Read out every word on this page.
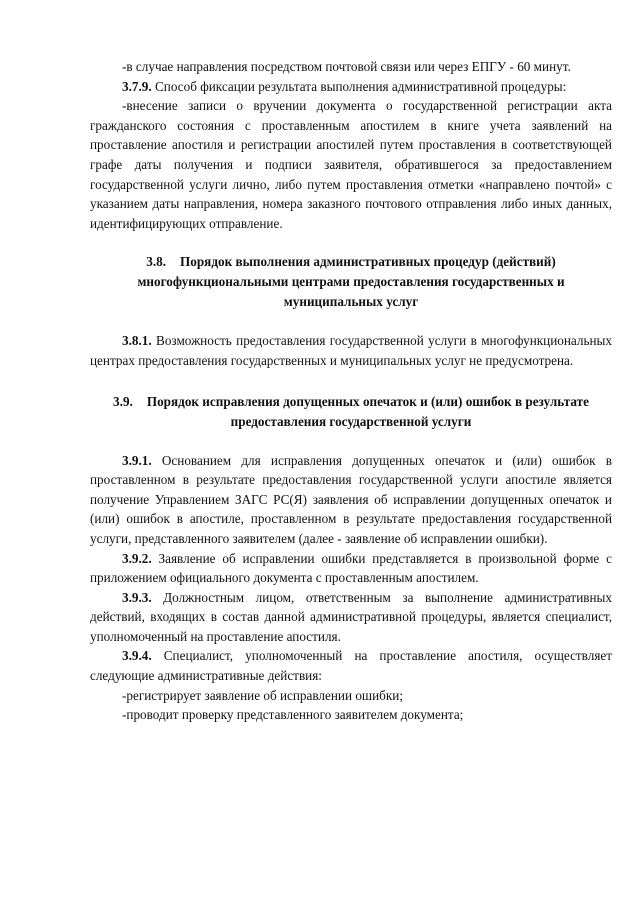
-в случае направления посредством почтовой связи или через ЕПГУ - 60 минут.

3.7.9. Способ фиксации результата выполнения административной процедуры:

-внесение записи о вручении документа о государственной регистрации акта гражданского состояния с проставленным апостилем в книге учета заявлений на проставление апостиля и регистрации апостилей путем проставления в соответствующей графе даты получения и подписи заявителя, обратившегося за предоставлением государственной услуги лично, либо путем проставления отметки «направлено почтой» с указанием даты направления, номера заказного почтового отправления либо иных данных, идентифицирующих отправление.

3.8. Порядок выполнения административных процедур (действий) многофункциональными центрами предоставления государственных и муниципальных услуг

3.8.1. Возможность предоставления государственной услуги в многофункциональных центрах предоставления государственных и муниципальных услуг не предусмотрена.

3.9. Порядок исправления допущенных опечаток и (или) ошибок в результате предоставления государственной услуги

3.9.1. Основанием для исправления допущенных опечаток и (или) ошибок в проставленном в результате предоставления государственной услуги апостиле является получение Управлением ЗАГС РС(Я) заявления об исправлении допущенных опечаток и (или) ошибок в апостиле, проставленном в результате предоставления государственной услуги, представленного заявителем (далее - заявление об исправлении ошибки).

3.9.2. Заявление об исправлении ошибки представляется в произвольной форме с приложением официального документа с проставленным апостилем.

3.9.3. Должностным лицом, ответственным за выполнение административных действий, входящих в состав данной административной процедуры, является специалист, уполномоченный на проставление апостиля.

3.9.4. Специалист, уполномоченный на проставление апостиля, осуществляет следующие административные действия:

-регистрирует заявление об исправлении ошибки;

-проводит проверку представленного заявителем документа;
